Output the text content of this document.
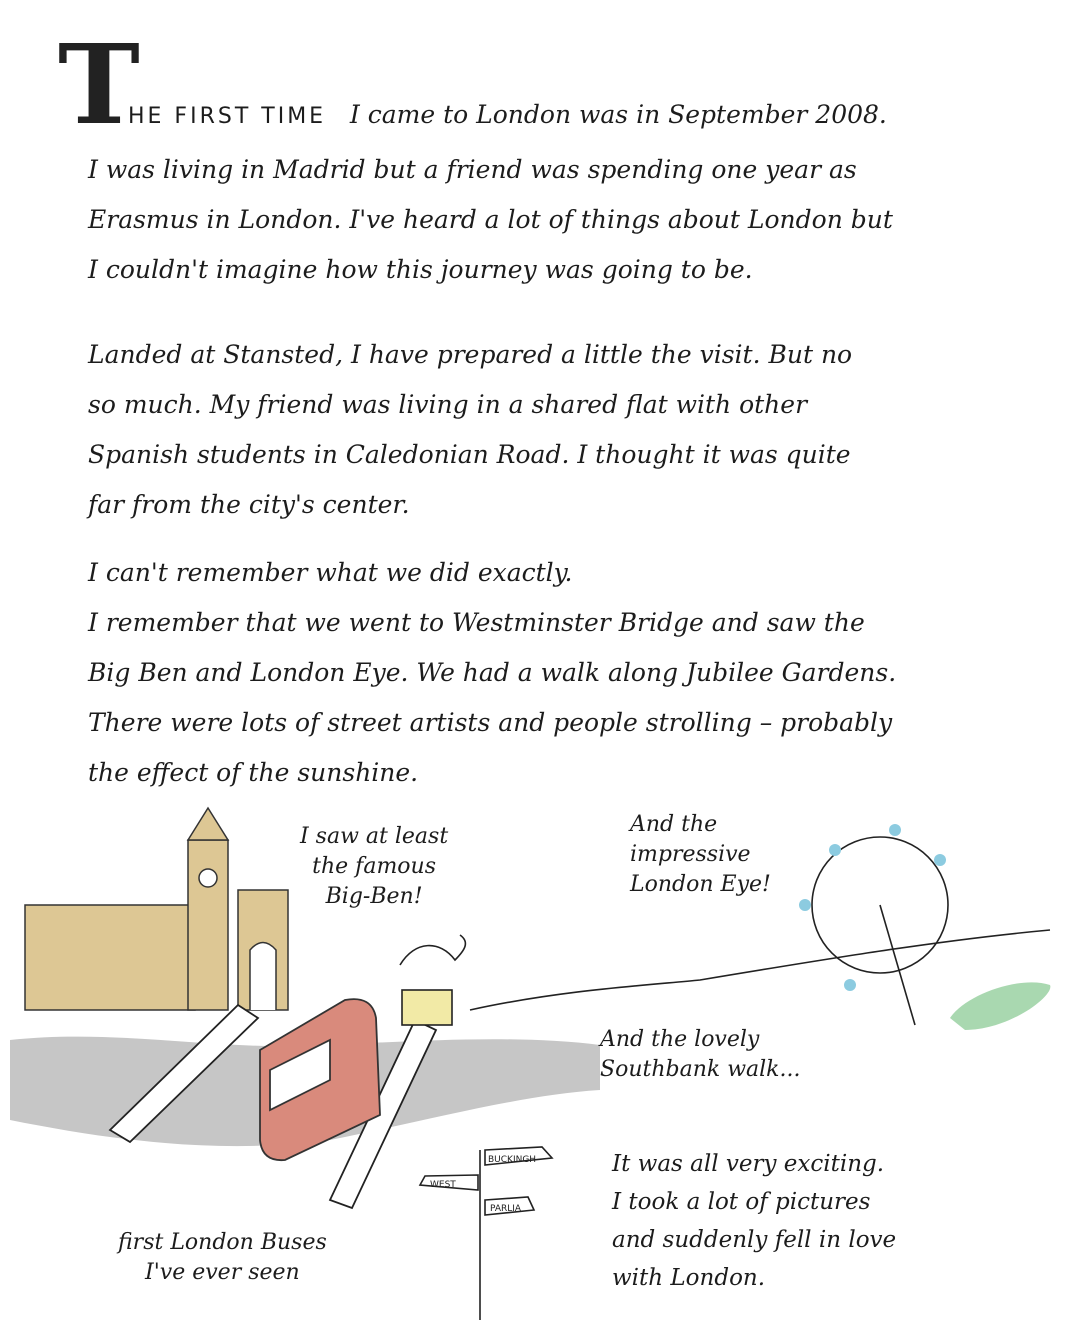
T
HE FIRST TIME I came to London was in September 2008.
I was living in Madrid but a friend was spending one year as
Erasmus in London. I've heard a lot of things about London but
I couldn't imagine how this journey was going to be.
Landed at Stansted, I have prepared a little the visit. But no
so much. My friend was living in a shared flat with other
Spanish students in Caledonian Road. I thought it was quite
far from the city's center.
I can't remember what we did exactly.
I remember that we went to Westminster Bridge and saw the
Big Ben and London Eye. We had a walk along Jubilee Gardens.
There were lots of street artists and people strolling – probably
the effect of the sunshine.
BUCKINGH
WEST
PARLIA
I saw at least
the famous
Big-Ben!
And the
impressive
London Eye!
And the lovely
Southbank walk...
first London Buses
I've ever seen
It was all very exciting.
I took a lot of pictures
and suddenly fell in love
with London.
